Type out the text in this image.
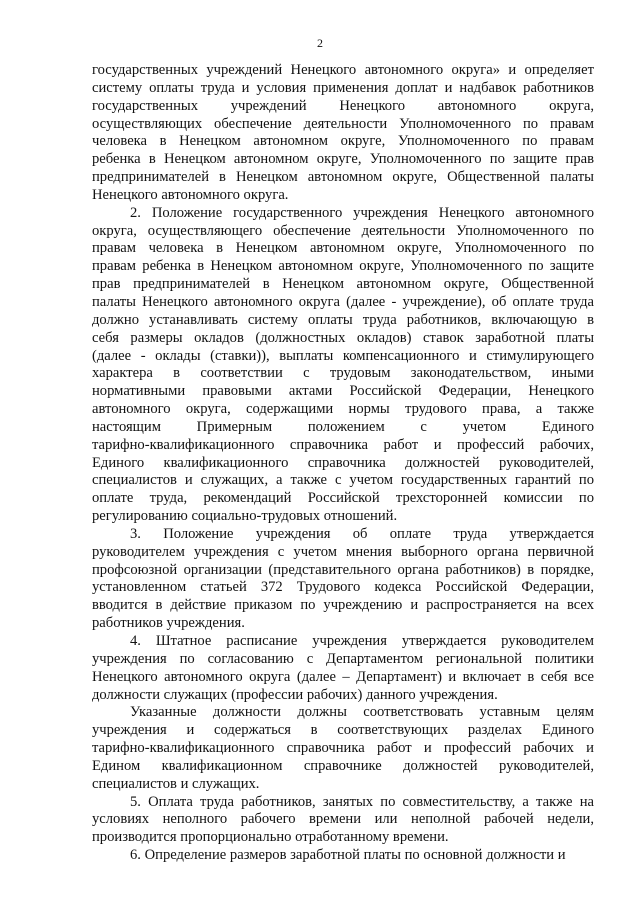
2
государственных учреждений Ненецкого автономного округа» и определяет
систему оплаты труда и условия применения доплат и надбавок работников
государственных учреждений Ненецкого автономного округа,
осуществляющих обеспечение деятельности Уполномоченного по правам
человека в Ненецком автономном округе, Уполномоченного по правам
ребенка в Ненецком автономном округе, Уполномоченного по защите прав
предпринимателей в Ненецком автономном округе, Общественной палаты
Ненецкого автономного округа.
2. Положение государственного учреждения Ненецкого автономного
округа, осуществляющего обеспечение деятельности Уполномоченного по
правам человека в Ненецком автономном округе, Уполномоченного по
правам ребенка в Ненецком автономном округе, Уполномоченного по защите
прав предпринимателей в Ненецком автономном округе, Общественной
палаты Ненецкого автономного округа (далее - учреждение), об оплате труда
должно устанавливать систему оплаты труда работников, включающую в
себя размеры окладов (должностных окладов) ставок заработной платы
(далее - оклады (ставки)), выплаты компенсационного и стимулирующего
характера в соответствии с трудовым законодательством, иными
нормативными правовыми актами Российской Федерации, Ненецкого
автономного округа, содержащими нормы трудового права, а также
настоящим Примерным положением с учетом Единого
тарифно-квалификационного справочника работ и профессий рабочих,
Единого квалификационного справочника должностей руководителей,
специалистов и служащих, а также с учетом государственных гарантий по
оплате труда, рекомендаций Российской трехсторонней комиссии по
регулированию социально-трудовых отношений.
3. Положение учреждения об оплате труда утверждается
руководителем учреждения с учетом мнения выборного органа первичной
профсоюзной организации (представительного органа работников) в порядке,
установленном статьей 372 Трудового кодекса Российской Федерации,
вводится в действие приказом по учреждению и распространяется на всех
работников учреждения.
4. Штатное расписание учреждения утверждается руководителем
учреждения по согласованию с Департаментом региональной политики
Ненецкого автономного округа (далее – Департамент) и включает в себя все
должности служащих (профессии рабочих) данного учреждения.
Указанные должности должны соответствовать уставным целям
учреждения и содержаться в соответствующих разделах Единого
тарифно-квалификационного справочника работ и профессий рабочих и
Едином квалификационном справочнике должностей руководителей,
специалистов и служащих.
5. Оплата труда работников, занятых по совместительству, а также на
условиях неполного рабочего времени или неполной рабочей недели,
производится пропорционально отработанному времени.
6. Определение размеров заработной платы по основной должности и
